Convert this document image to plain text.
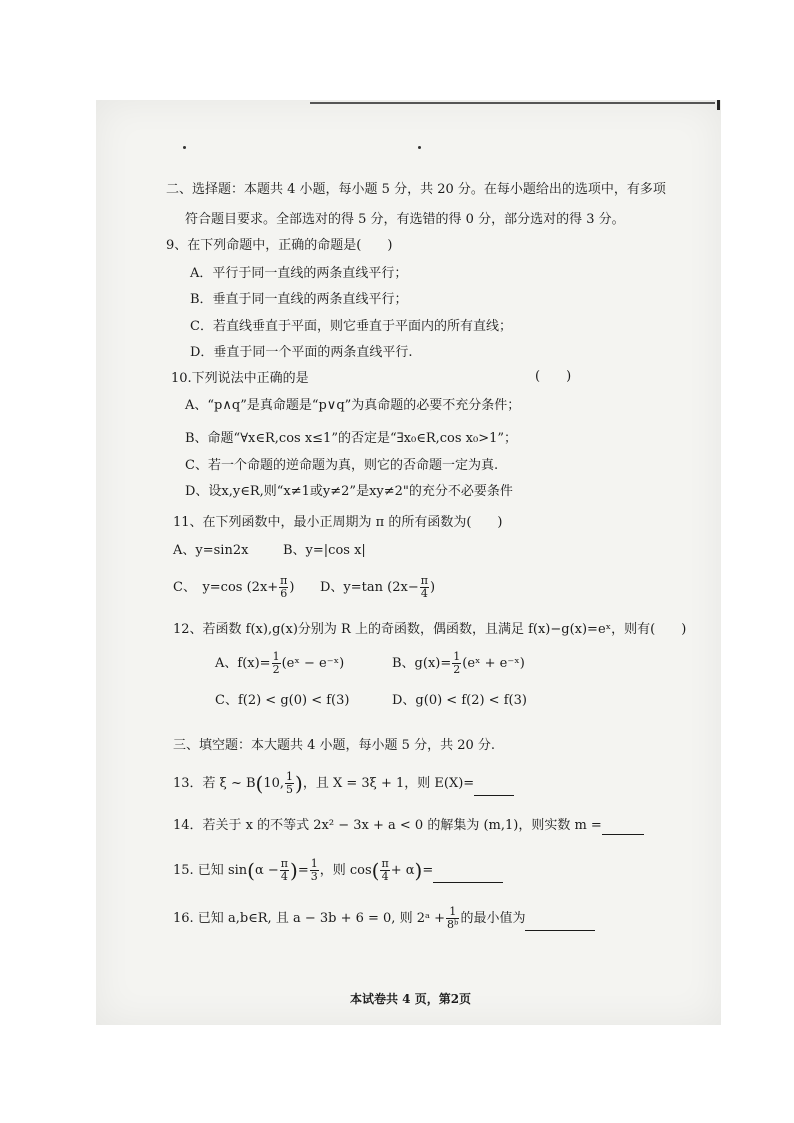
二、选择题：本题共 4 小题，每小题 5 分，共 20 分。在每小题给出的选项中，有多项
符合题目要求。全部选对的得 5 分，有选错的得 0 分，部分选对的得 3 分。
9、在下列命题中，正确的命题是(　　)
A．平行于同一直线的两条直线平行；
B．垂直于同一直线的两条直线平行；
C．若直线垂直于平面，则它垂直于平面内的所有直线；
D．垂直于同一个平面的两条直线平行.
10.下列说法中正确的是	(　　)
A、“p∧q”是真命题是“p∨q”为真命题的必要不充分条件；
B、命题“∀x∈R,cos x≤1”的否定是“∃x₀∈R,cos x₀>1”；
C、若一个命题的逆命题为真，则它的否命题一定为真.
D、设x,y∈R,则“x≠1或y≠2”是xy≠2"的充分不必要条件
11、在下列函数中，最小正周期为 π 的所有函数为(　　)
A、y=sin2x	B、y=|cos x|
C、　y=cos ($2x+ \frac{\pi}{6}$ ) D、y=tan ($2x- \frac{\pi}{4}$ )
12、若函数 f(x),g(x)分别为 R 上的奇函数，偶函数，且满足 f(x)−g(x)=eˣ，则有(　　)
A、$f(x)= \frac{1}{2}$ (eˣ − e⁻ˣ)	B、$g(x)= \frac{1}{2}$ (eˣ + e⁻ˣ)
C、f(2) < g(0) < f(3)	D、g(0) < f(2) < f(3)
三、填空题：本大题共 4 小题，每小题 5 分，共 20 分.
13．若 ξ ~ B(10, $\frac{1}{5}$ )，且 X = 3ξ + 1，则 E(X)=
14．若关于 x 的不等式 2x² − 3x + a < 0 的解集为 (m,1)，则实数 m =
15. 已知 $\sin(\alpha - \frac{\pi}{4}$ )= $\frac{1}{3}$ ，则 $\cos( \frac{\pi}{4} + \alpha)=$
16. 已知 a,b∈R, 且 a − 3b + 6 = 0, 则 2ᵃ + $\frac{1}{\text{8ᵇ}}$ 的最小值为
本试卷共 4 页，第2页
